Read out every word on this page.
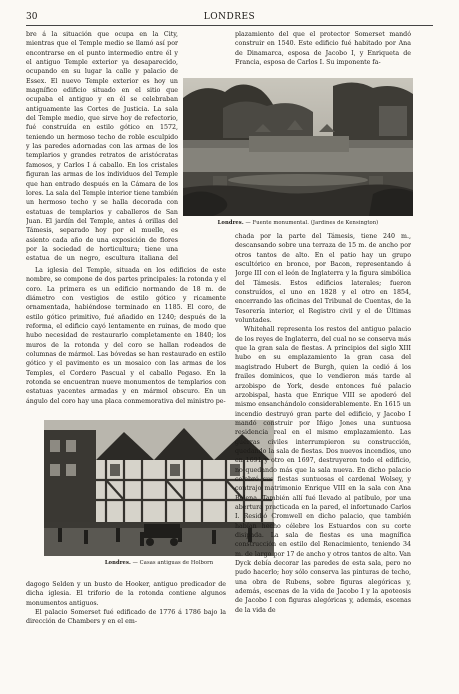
30	LONDRES

bre á la situación que ocupa en la City, mientras que el Temple medio se llamó así por encontrarse en el punto intermedio entre él y el antiguo Temple exterior ya desaparecido, ocupando en su lugar la calle y palacio de Essex. El nuevo Temple exterior es hoy un magnífico edificio situado en el sitio que ocupaba el antiguo y en él se celebraban antiguamente las Cortes de Justicia. La sala del Temple medio, que sirve hoy de refectorio, fué construída en estilo gótico en 1572, teniendo un hermoso techo de roble esculpido y las paredes adornadas con las armas de los templarios y grandes retratos de aristócratas famosos, y Carlos I á caballo. En los cristales figuran las armas de los individuos del Temple que han entrado después en la Cámara de los lores. La sala del Temple interior tiene también un hermoso techo y se halla decorada con estatuas de templarios y caballeros de San Juan. El jardín del Temple, antes á orillas del Támesis, separado hoy por el muelle, es asiento cada año de una exposición de flores por la sociedad de horticultura; tiene una estatua de un negro, escultura italiana del

Londres. — Fuente monumental. (Jardines de Kensington)

plazamiento del que el protector Somerset mandó construir en 1540. Este edificio fué habitado por Ana de Dinamarca, esposa de Jacobo I, y Enriqueta de Francia, esposa de Carlos I. Su imponente fa-

La iglesia del Temple, situada en los edificios de este nombre, se compone de dos partes principales: la rotonda y el coro. La primera es un edificio normando de 18 m. de diámetro con vestigios de estilo gótico y ricamente ornamentada, habiéndose terminado en 1185. El coro, de estilo gótico primitivo, fué añadido en 1240; después de la reforma, el edificio cayó lentamente en ruinas, de modo que hubo necesidad de restaurarlo completamente en 1840; los muros de la rotonda y del coro se hallan rodeados de columnas de mármol. Las bóvedas se han restaurado en estilo gótico y el pavimento es un mosaico con las armas de los Temples, el Cordero Pascual y el caballo Pegaso. En la rotonda se encuentran nueve monumentos de templarios con estatuas yacentes armadas y en mármol obscuro. En un ángulo del coro hay una placa conmemorativa del ministro pe-

Londres. — Casas antiguas de Holborn

dagogo Selden y un busto de Hooker, antiguo predicador de dicha iglesia. El triforio de la rotonda contiene algunos monumentos antiguos.

El palacio Somerset fué edificado de 1776 á 1786 bajo la dirección de Chambers y en el em-

chada por la parte del Támesis, tiene 240 m., descansando sobre una terraza de 15 m. de ancho por otros tantos de alto. En el patio hay un grupo escultórico en bronce, por Bacon, representando á Jorge III con el león de Inglaterra y la figura simbólica del Támesis. Estos edificios laterales; fueron construídos, el uno en 1828 y el otro en 1854, encerrando las oficinas del Tribunal de Cuentas, de la Tesorería interior, el Registro civil y el de Últimas voluntades.

Whitehall representa los restos del antiguo palacio de los reyes de Inglaterra, del cual no se conserva más que la gran sala de fiestas. A principios del siglo XIII hubo en su emplazamiento la gran casa del magistrado Hubert de Burgh, quien la cedió á los frailes dominicos, que lo vendieron más tarde al arzobispo de York, desde entonces fué palacio arzobispal, hasta que Enrique VIII se apoderó del mismo ensanchándolo considerablemente. En 1615 un incendio destruyó gran parte del edificio, y Jacobo I mandó construir por Iñigo Jones una suntuosa residencia real en el mismo emplazamiento. Las guerras civiles interrumpieron su construcción, quedando la sala de fiestas. Dos nuevos incendios, uno en 1691 y otro en 1697, destruyeron todo el edificio, no quedando más que la sala nueva. En dicho palacio celebró sus fiestas suntuosas el cardenal Wolsey, y contrajo matrimonio Enrique VIII en la sala con Ana Bolena. También allí fué llevado al patíbulo, por una abertura practicada en la pared, el infortunado Carlos I. Residió Cromwell en dicho palacio, que también habían hecho célebre los Estuardos con su corte disipada. La sala de fiestas es una magnífica construcción en estilo del Renacimiento, teniendo 34 m. de largo por 17 de ancho y otros tantos de alto. Van Dyck debía decorar las paredes de esta sala, pero no pudo hacerlo; hoy sólo conserva las pinturas de techo, una obra de Rubens, sobre figuras alegóricas y, además, escenas de la vida de Jacobo I y la apoteosis de Jacobo I con figuras alegóricas y, además, escenas de la vida de
